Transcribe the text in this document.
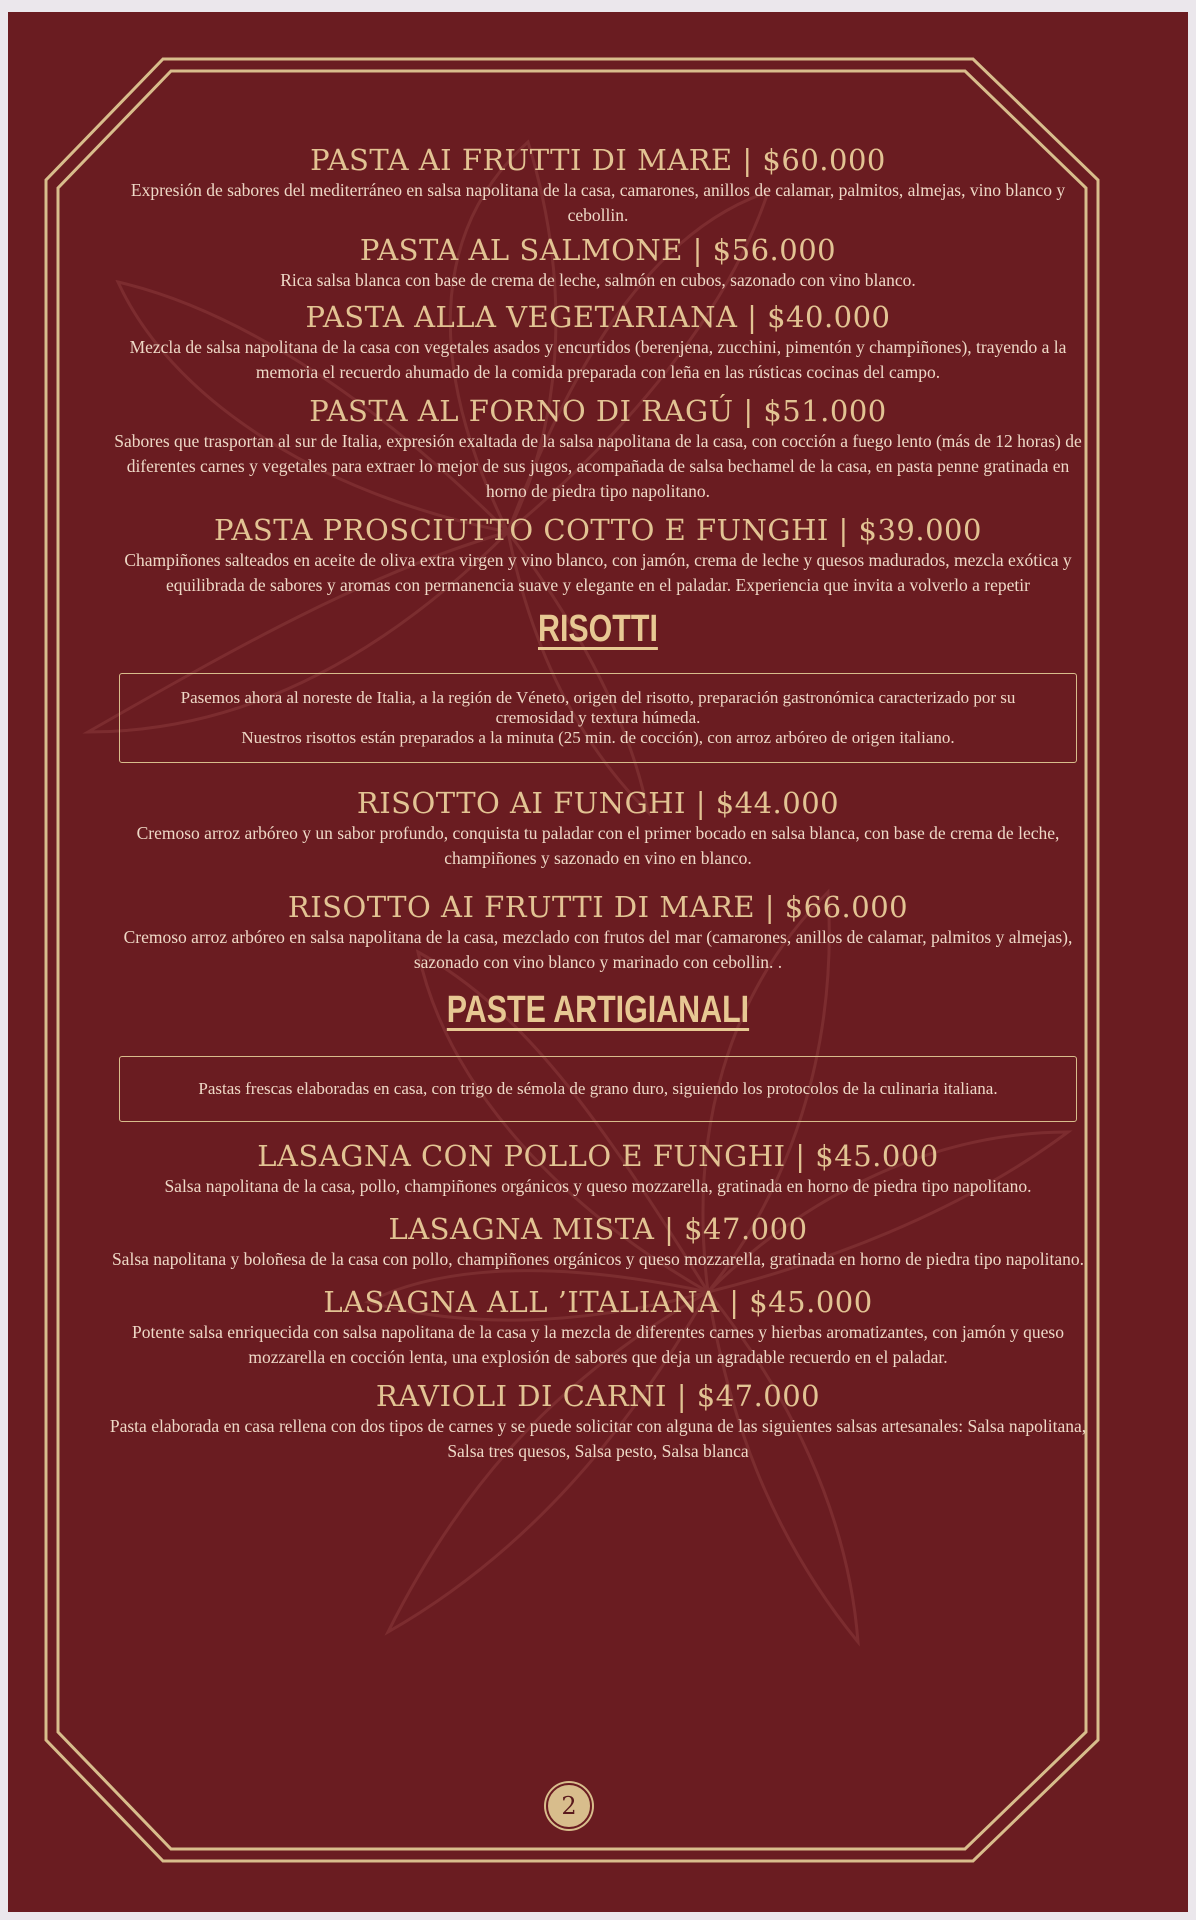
PASTA AI FRUTTI DI MARE | $60.000

Expresión de sabores del mediterráneo en salsa napolitana de la casa, camarones, anillos de calamar, palmitos, almejas, vino blanco y cebollin.

PASTA AL SALMONE | $56.000

Rica salsa blanca con base de crema de leche, salmón en cubos, sazonado con vino blanco.

PASTA ALLA VEGETARIANA | $40.000

Mezcla de salsa napolitana de la casa con vegetales asados y encurtidos (berenjena, zucchini, pimentón y champiñones), trayendo a la memoria el recuerdo ahumado de la comida preparada con leña en las rústicas cocinas del campo.

PASTA AL FORNO DI RAGÚ | $51.000

Sabores que trasportan al sur de Italia, expresión exaltada de la salsa napolitana de la casa, con cocción a fuego lento (más de 12 horas) de diferentes carnes y vegetales para extraer lo mejor de sus jugos, acompañada de salsa bechamel de la casa, en pasta penne gratinada en horno de piedra tipo napolitano.

PASTA PROSCIUTTO COTTO E FUNGHI | $39.000

Champiñones salteados en aceite de oliva extra virgen y vino blanco, con jamón, crema de leche y quesos madurados, mezcla exótica y equilibrada de sabores y aromas con permanencia suave y elegante en el paladar. Experiencia que invita a volverlo a repetir

RISOTTI
Pasemos ahora al noreste de Italia, a la región de Véneto, origen del risotto, preparación gastronómica caracterizado por su cremosidad y textura húmeda.
Nuestros risottos están preparados a la minuta (25 min. de cocción), con arroz arbóreo de origen italiano.

RISOTTO AI FUNGHI | $44.000

Cremoso arroz arbóreo y un sabor profundo, conquista tu paladar con el primer bocado en salsa blanca, con base de crema de leche, champiñones y sazonado en vino en blanco.

RISOTTO AI FRUTTI DI MARE | $66.000

Cremoso arroz arbóreo en salsa napolitana de la casa, mezclado con frutos del mar (camarones, anillos de calamar, palmitos y almejas), sazonado con vino blanco y marinado con cebollin. .

PASTE ARTIGIANALI
Pastas frescas elaboradas en casa, con trigo de sémola de grano duro, siguiendo los protocolos de la culinaria italiana.

LASAGNA CON POLLO E FUNGHI | $45.000

Salsa napolitana de la casa, pollo, champiñones orgánicos y queso mozzarella, gratinada en horno de piedra tipo napolitano.

LASAGNA MISTA | $47.000

Salsa napolitana y boloñesa de la casa con pollo, champiñones orgánicos y queso mozzarella, gratinada en horno de piedra tipo napolitano.

LASAGNA ALL ’ITALIANA | $45.000

Potente salsa enriquecida con salsa napolitana de la casa y la mezcla de diferentes carnes y hierbas aromatizantes, con jamón y queso mozzarella en cocción lenta, una explosión de sabores que deja un agradable recuerdo en el paladar.

RAVIOLI DI CARNI | $47.000

Pasta elaborada en casa rellena con dos tipos de carnes y se puede solicitar con alguna de las siguientes salsas artesanales: Salsa napolitana, Salsa tres quesos, Salsa pesto, Salsa blanca

2
